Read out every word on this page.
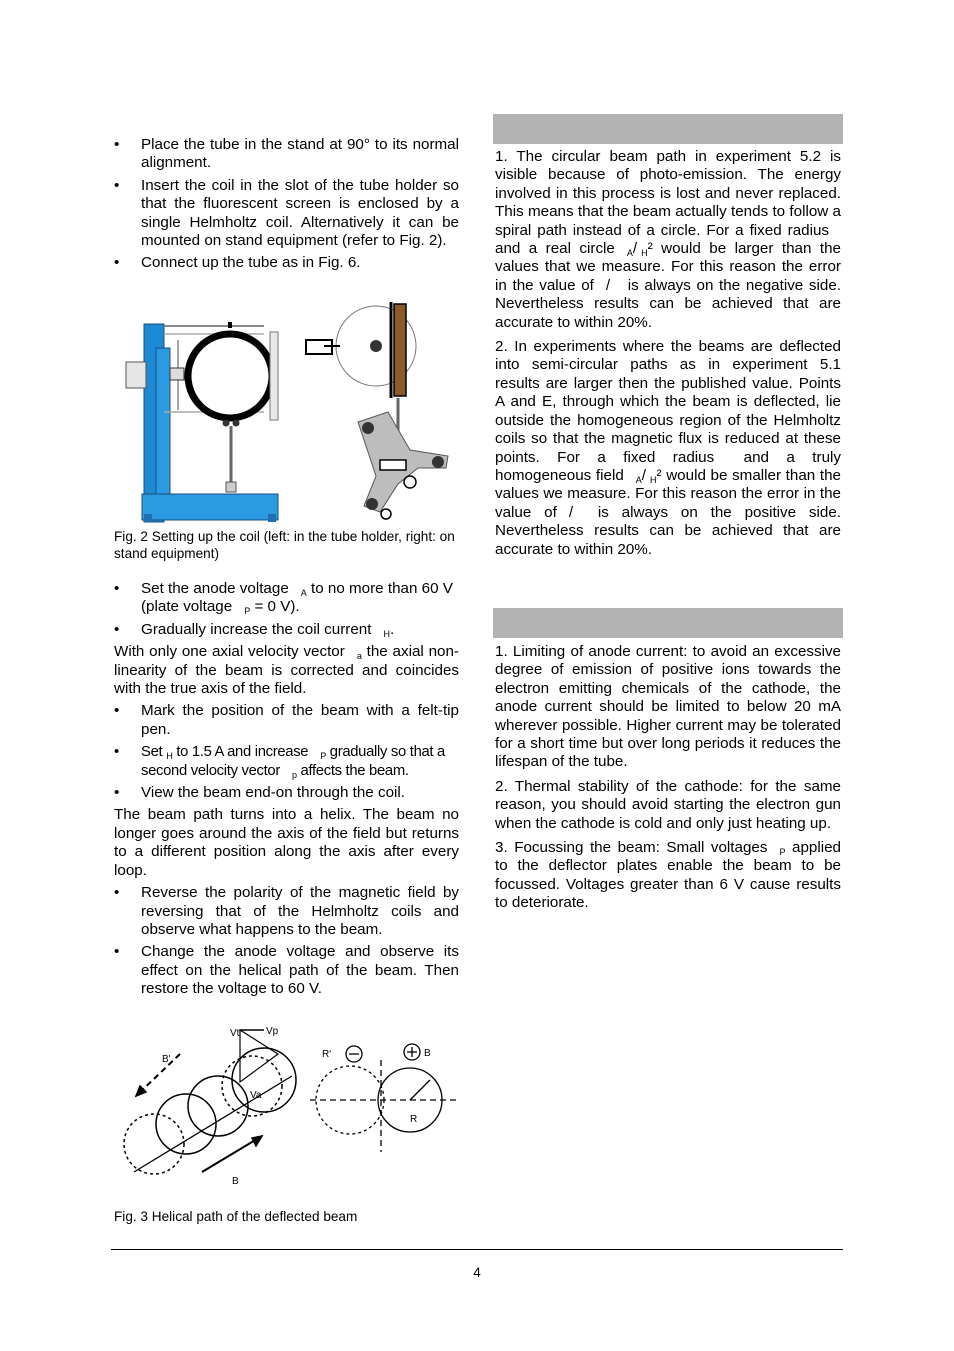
• Place the tube in the stand at 90° to its normal alignment.
• Insert the coil in the slot of the tube holder so that the fluorescent screen is enclosed by a single Helmholtz coil. Alternatively it can be mounted on stand equipment (refer to Fig. 2).
• Connect up the tube as in Fig. 6.
Fig. 2 Setting up the coil (left: in the tube holder, right: on stand equipment)
• Set the anode voltage $_A$ to no more than 60 V (plate voltage $_P$ = 0 V).
• Gradually increase the coil current $_H$.

With only one axial velocity vector $_a$ the axial non-linearity of the beam is corrected and coincides with the true axis of the field.

• Mark the position of the beam with a felt-tip pen.
• Set $_H$ to 1.5 A and increase $_P$ gradually so that a second velocity vector $_p$ affects the beam.
• View the beam end-on through the coil.

The beam path turns into a helix. The beam no longer goes around the axis of the field but returns to a different position along the axis after every loop.

• Reverse the polarity of the magnetic field by reversing that of the Helmholtz coils and observe what happens to the beam.
• Change the anode voltage and observe its effect on the helical path of the beam. Then restore the voltage to 60 V.
Vt	Vp
Va
B'
B
R'	B
R
Fig. 3 Helical path of the deflected beam

1. The circular beam path in experiment 5.2 is visible because of photo-emission. The energy involved in this process is lost and never replaced. This means that the beam actually tends to follow a spiral path instead of a circle. For a fixed radius and a real circle $_A$/ $_H$² would be larger than the values that we measure. For this reason the error in the value of / is always on the negative side. Nevertheless results can be achieved that are accurate to within 20%.

2. In experiments where the beams are deflected into semi-circular paths as in experiment 5.1 results are larger then the published value. Points A and E, through which the beam is deflected, lie outside the homogeneous region of the Helmholtz coils so that the magnetic flux is reduced at these points. For a fixed radius and a truly homogeneous field $_A$/ $_H$² would be smaller than the values we measure. For this reason the error in the value of / is always on the positive side. Nevertheless results can be achieved that are accurate to within 20%.

1. Limiting of anode current: to avoid an excessive degree of emission of positive ions towards the electron emitting chemicals of the cathode, the anode current should be limited to below 20 mA wherever possible. Higher current may be tolerated for a short time but over long periods it reduces the lifespan of the tube.

2. Thermal stability of the cathode: for the same reason, you should avoid starting the electron gun when the cathode is cold and only just heating up.

3. Focussing the beam: Small voltages $_P$ applied to the deflector plates enable the beam to be focussed. Voltages greater than 6 V cause results to deteriorate.

4
